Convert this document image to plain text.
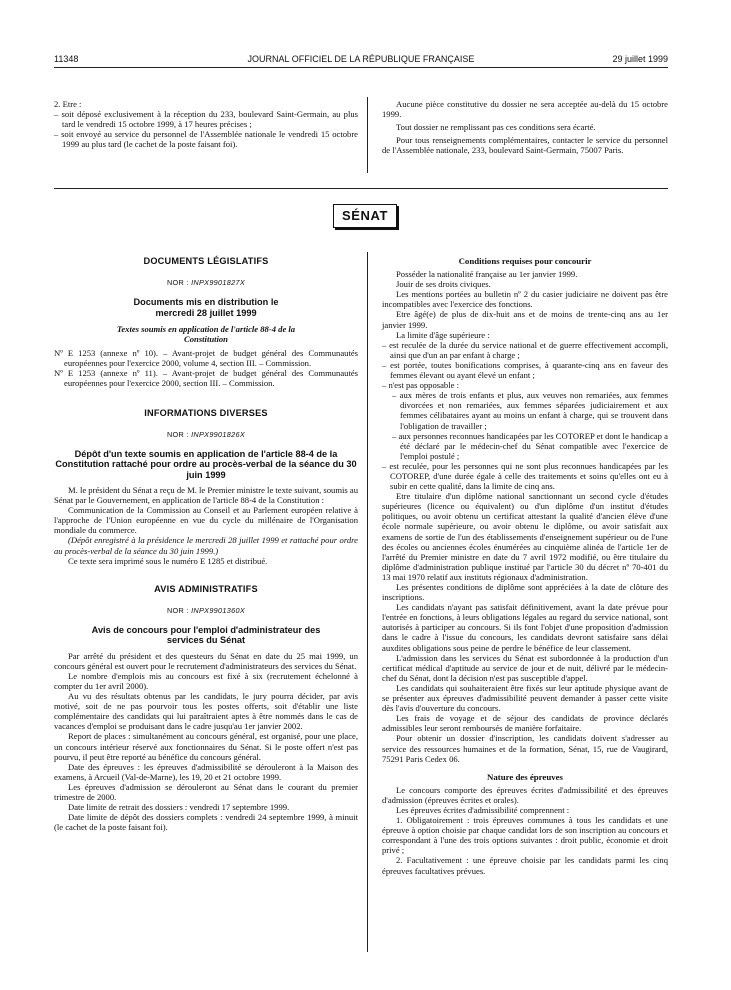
11348	JOURNAL OFFICIEL DE LA RÉPUBLIQUE FRANÇAISE	29 juillet 1999

2. Etre :

– soit déposé exclusivement à la réception du 233, boulevard Saint-Germain, au plus tard le vendredi 15 octobre 1999, à 17 heures précises ;

– soit envoyé au service du personnel de l'Assemblée nationale le vendredi 15 octobre 1999 au plus tard (le cachet de la poste faisant foi).

Aucune pièce constitutive du dossier ne sera acceptée au-delà du 15 octobre 1999.

Tout dossier ne remplissant pas ces conditions sera écarté.

Pour tous renseignements complémentaires, contacter le service du personnel de l'Assemblée nationale, 233, boulevard Saint-Germain, 75007 Paris.

SÉNAT

DOCUMENTS LÉGISLATIFS

NOR : INPX9901827X

Documents mis en distribution le mercredi 28 juillet 1999

Textes soumis en application de l'article 88-4 de la Constitution

Nº E 1253 (annexe nº 10). – Avant-projet de budget général des Communautés européennes pour l'exercice 2000, volume 4, section III. – Commission.

Nº E 1253 (annexe nº 11). – Avant-projet de budget général des Communautés européennes pour l'exercice 2000, section III. – Commission.

INFORMATIONS DIVERSES

NOR : INPX9901826X

Dépôt d'un texte soumis en application de l'article 88-4 de la Constitution rattaché pour ordre au procès-verbal de la séance du 30 juin 1999

M. le président du Sénat a reçu de M. le Premier ministre le texte suivant, soumis au Sénat par le Gouvernement, en application de l'article 88-4 de la Constitution :

Communication de la Commission au Conseil et au Parlement européen relative à l'approche de l'Union européenne en vue du cycle du millénaire de l'Organisation mondiale du commerce.

(Dépôt enregistré à la présidence le mercredi 28 juillet 1999 et rattaché pour ordre au procès-verbal de la séance du 30 juin 1999.)

Ce texte sera imprimé sous le numéro E 1285 et distribué.

AVIS ADMINISTRATIFS

NOR : INPX9901360X

Avis de concours pour l'emploi d'administrateur des services du Sénat

Par arrêté du président et des questeurs du Sénat en date du 25 mai 1999, un concours général est ouvert pour le recrutement d'administrateurs des services du Sénat.

Le nombre d'emplois mis au concours est fixé à six (recrutement échelonné à compter du 1er avril 2000).

Au vu des résultats obtenus par les candidats, le jury pourra décider, par avis motivé, soit de ne pas pourvoir tous les postes offerts, soit d'établir une liste complémentaire des candidats qui lui paraîtraient aptes à être nommés dans le cas de vacances d'emploi se produisant dans le cadre jusqu'au 1er janvier 2002.

Report de places : simultanément au concours général, est organisé, pour une place, un concours intérieur réservé aux fonctionnaires du Sénat. Si le poste offert n'est pas pourvu, il peut être reporté au bénéfice du concours général.

Date des épreuves : les épreuves d'admissibilité se dérouleront à la Maison des examens, à Arcueil (Val-de-Marne), les 19, 20 et 21 octobre 1999.

Les épreuves d'admission se dérouleront au Sénat dans le courant du premier trimestre de 2000.

Date limite de retrait des dossiers : vendredi 17 septembre 1999.

Date limite de dépôt des dossiers complets : vendredi 24 septembre 1999, à minuit (le cachet de la poste faisant foi).

Conditions requises pour concourir

Posséder la nationalité française au 1er janvier 1999.

Jouir de ses droits civiques.

Les mentions portées au bulletin nº 2 du casier judiciaire ne doivent pas être incompatibles avec l'exercice des fonctions.

Etre âgé(e) de plus de dix-huit ans et de moins de trente-cinq ans au 1er janvier 1999.

La limite d'âge supérieure :

– est reculée de la durée du service national et de guerre effectivement accompli, ainsi que d'un an par enfant à charge ;

– est portée, toutes bonifications comprises, à quarante-cinq ans en faveur des femmes élevant ou ayant élevé un enfant ;

– n'est pas opposable :

– aux mères de trois enfants et plus, aux veuves non remariées, aux femmes divorcées et non remariées, aux femmes séparées judiciairement et aux femmes célibataires ayant au moins un enfant à charge, qui se trouvent dans l'obligation de travailler ;

– aux personnes reconnues handicapées par les COTOREP et dont le handicap a été déclaré par le médecin-chef du Sénat compatible avec l'exercice de l'emploi postulé ;

– est reculée, pour les personnes qui ne sont plus reconnues handicapées par les COTOREP, d'une durée égale à celle des traitements et soins qu'elles ont eu à subir en cette qualité, dans la limite de cinq ans.

Etre titulaire d'un diplôme national sanctionnant un second cycle d'études supérieures (licence ou équivalent) ou d'un diplôme d'un institut d'études politiques, ou avoir obtenu un certificat attestant la qualité d'ancien élève d'une école normale supérieure, ou avoir obtenu le diplôme, ou avoir satisfait aux examens de sortie de l'un des établissements d'enseignement supérieur ou de l'une des écoles ou anciennes écoles énumérées au cinquième alinéa de l'article 1er de l'arrêté du Premier ministre en date du 7 avril 1972 modifié, ou être titulaire du diplôme d'administration publique institué par l'article 30 du décret nº 70-401 du 13 mai 1970 relatif aux instituts régionaux d'administration.

Les présentes conditions de diplôme sont appréciées à la date de clôture des inscriptions.

Les candidats n'ayant pas satisfait définitivement, avant la date prévue pour l'entrée en fonctions, à leurs obligations légales au regard du service national, sont autorisés à participer au concours. Si ils font l'objet d'une proposition d'admission dans le cadre à l'issue du concours, les candidats devront satisfaire sans délai auxdites obligations sous peine de perdre le bénéfice de leur classement.

L'admission dans les services du Sénat est subordonnée à la production d'un certificat médical d'aptitude au service de jour et de nuit, délivré par le médecin-chef du Sénat, dont la décision n'est pas susceptible d'appel.

Les candidats qui souhaiteraient être fixés sur leur aptitude physique avant de se présenter aux épreuves d'admissibilité peuvent demander à passer cette visite dès l'avis d'ouverture du concours.

Les frais de voyage et de séjour des candidats de province déclarés admissibles leur seront remboursés de manière forfaitaire.

Pour obtenir un dossier d'inscription, les candidats doivent s'adresser au service des ressources humaines et de la formation, Sénat, 15, rue de Vaugirard, 75291 Paris Cedex 06.

Nature des épreuves

Le concours comporte des épreuves écrites d'admissibilité et des épreuves d'admission (épreuves écrites et orales).

Les épreuves écrites d'admissibilité comprennent :

1. Obligatoirement : trois épreuves communes à tous les candidats et une épreuve à option choisie par chaque candidat lors de son inscription au concours et correspondant à l'une des trois options suivantes : droit public, économie et droit privé ;

2. Facultativement : une épreuve choisie par les candidats parmi les cinq épreuves facultatives prévues.
